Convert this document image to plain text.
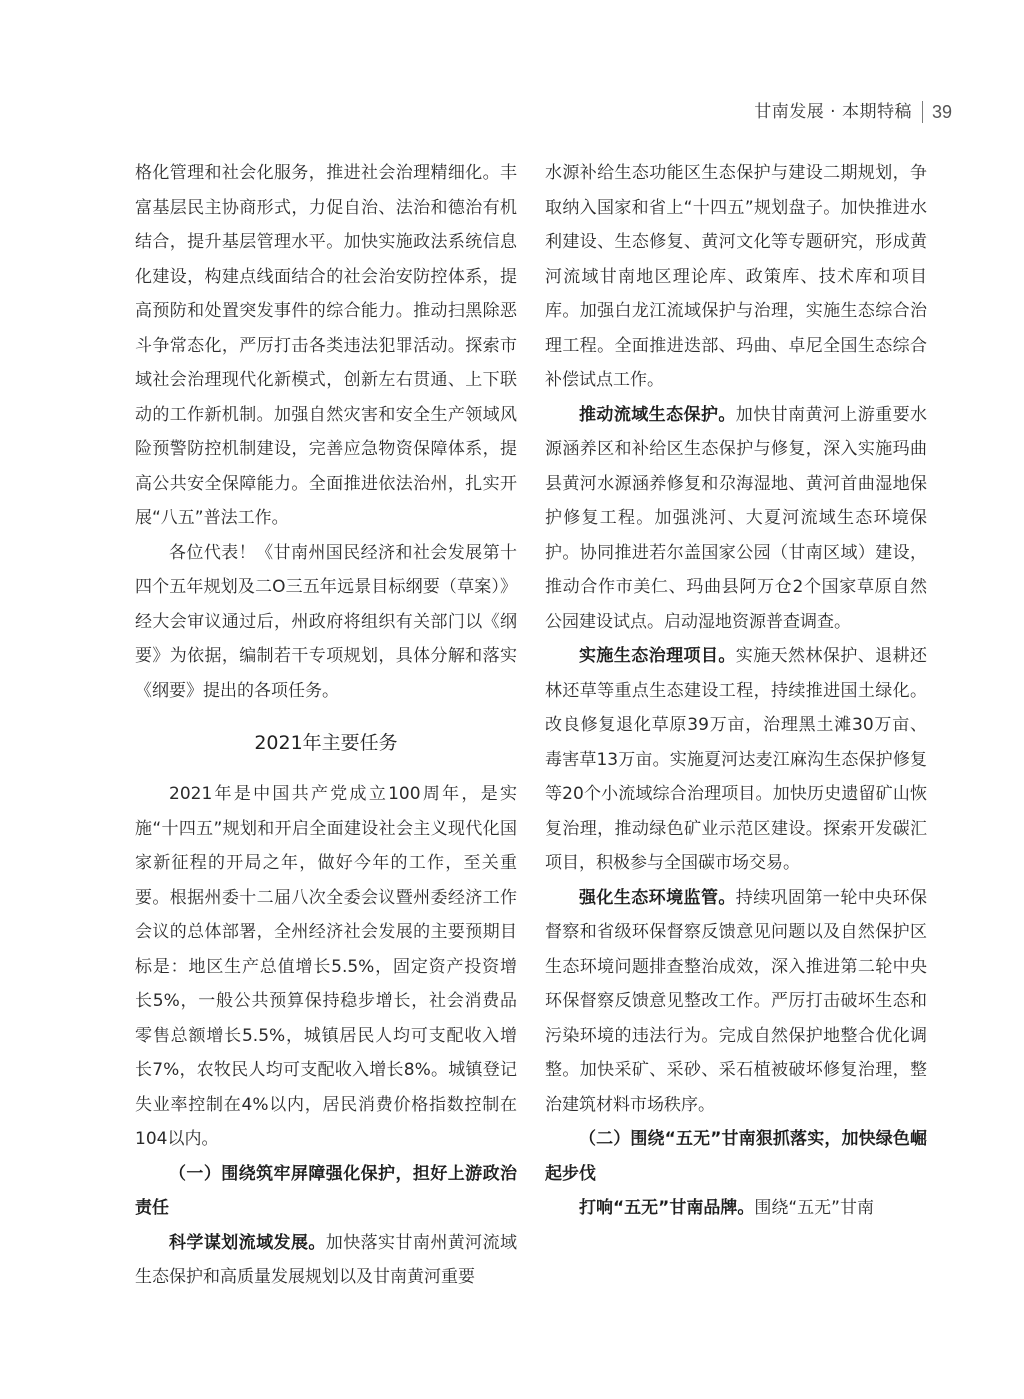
甘南发展 · 本期特稿 39

格化管理和社会化服务，推进社会治理精细化。丰富基层民主协商形式，力促自治、法治和德治有机结合，提升基层管理水平。加快实施政法系统信息化建设，构建点线面结合的社会治安防控体系，提高预防和处置突发事件的综合能力。推动扫黑除恶斗争常态化，严厉打击各类违法犯罪活动。探索市域社会治理现代化新模式，创新左右贯通、上下联动的工作新机制。加强自然灾害和安全生产领域风险预警防控机制建设，完善应急物资保障体系，提高公共安全保障能力。全面推进依法治州，扎实开展“八五”普法工作。

各位代表！《甘南州国民经济和社会发展第十四个五年规划及二O三五年远景目标纲要（草案）》经大会审议通过后，州政府将组织有关部门以《纲要》为依据，编制若干专项规划，具体分解和落实《纲要》提出的各项任务。

2021年主要任务

2021年是中国共产党成立100周年，是实施“十四五”规划和开启全面建设社会主义现代化国家新征程的开局之年，做好今年的工作，至关重要。根据州委十二届八次全委会议暨州委经济工作会议的总体部署，全州经济社会发展的主要预期目标是：地区生产总值增长5.5%，固定资产投资增长5%，一般公共预算保持稳步增长，社会消费品零售总额增长5.5%，城镇居民人均可支配收入增长7%，农牧民人均可支配收入增长8%。城镇登记失业率控制在4%以内，居民消费价格指数控制在104以内。

（一）围绕筑牢屏障强化保护，担好上游政治责任

科学谋划流域发展。加快落实甘南州黄河流域生态保护和高质量发展规划以及甘南黄河重要

水源补给生态功能区生态保护与建设二期规划，争取纳入国家和省上“十四五”规划盘子。加快推进水利建设、生态修复、黄河文化等专题研究，形成黄河流域甘南地区理论库、政策库、技术库和项目库。加强白龙江流域保护与治理，实施生态综合治理工程。全面推进迭部、玛曲、卓尼全国生态综合补偿试点工作。

推动流域生态保护。加快甘南黄河上游重要水源涵养区和补给区生态保护与修复，深入实施玛曲县黄河水源涵养修复和尕海湿地、黄河首曲湿地保护修复工程。加强洮河、大夏河流域生态环境保护。协同推进若尔盖国家公园（甘南区域）建设，推动合作市美仁、玛曲县阿万仓2个国家草原自然公园建设试点。启动湿地资源普查调查。

实施生态治理项目。实施天然林保护、退耕还林还草等重点生态建设工程，持续推进国土绿化。改良修复退化草原39万亩，治理黑土滩30万亩、毒害草13万亩。实施夏河达麦江麻沟生态保护修复等20个小流域综合治理项目。加快历史遗留矿山恢复治理，推动绿色矿业示范区建设。探索开发碳汇项目，积极参与全国碳市场交易。

强化生态环境监管。持续巩固第一轮中央环保督察和省级环保督察反馈意见问题以及自然保护区生态环境问题排查整治成效，深入推进第二轮中央环保督察反馈意见整改工作。严厉打击破坏生态和污染环境的违法行为。完成自然保护地整合优化调整。加快采矿、采砂、采石植被破坏修复治理，整治建筑材料市场秩序。

（二）围绕“五无”甘南狠抓落实，加快绿色崛起步伐

打响“五无”甘南品牌。围绕“五无”甘南
